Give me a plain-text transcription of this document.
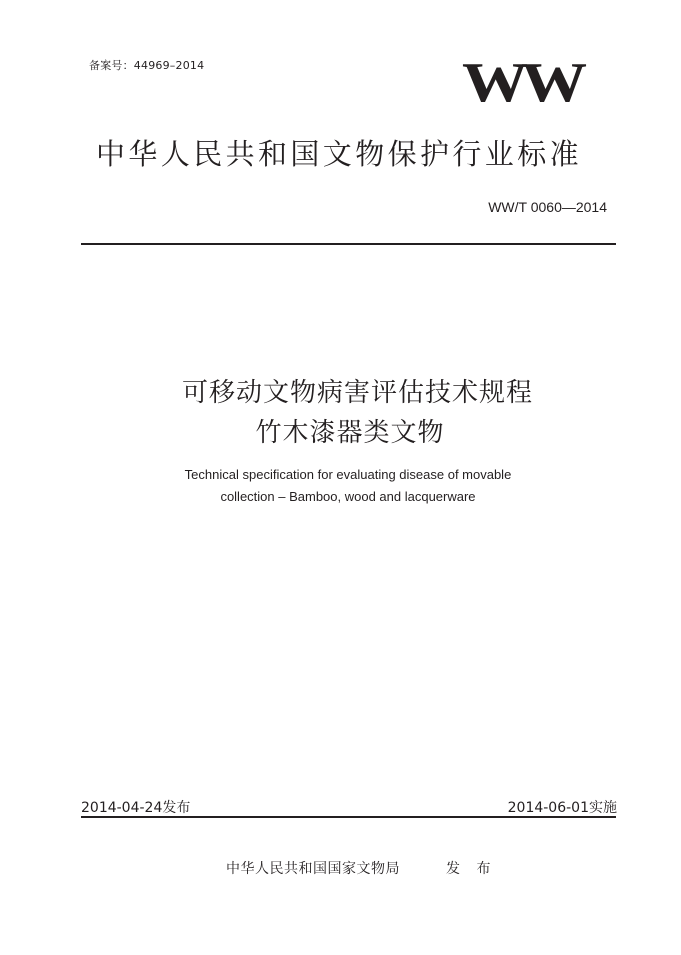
备案号：44969–2014	WW
中华人民共和国文物保护行业标准
WW/T 0060—2014
可移动文物病害评估技术规程
竹木漆器类文物
Technical specification for evaluating disease of movable
collection – Bamboo, wood and lacquerware
2014-04-24发布	2014-06-01实施
中华人民共和国国家文物局	发 布
